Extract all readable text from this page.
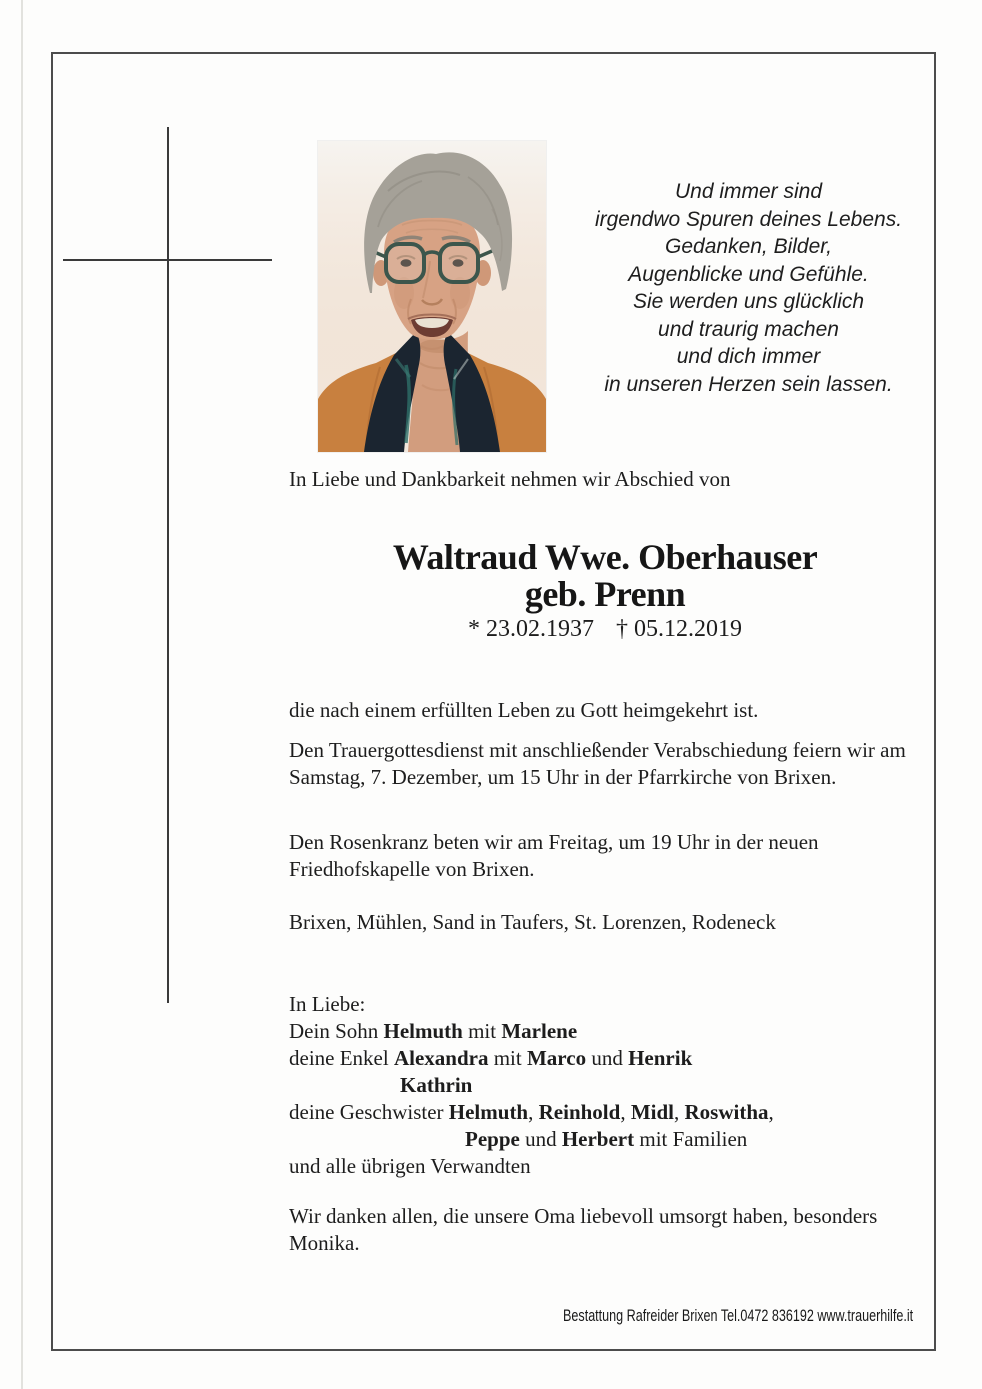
Und immer sind
irgendwo Spuren deines Lebens.
Gedanken, Bilder,
Augenblicke und Gefühle.
Sie werden uns glücklich
und traurig machen
und dich immer
in unseren Herzen sein lassen.
In Liebe und Dankbarkeit nehmen wir Abschied von
Waltraud Wwe. Oberhauser
geb. Prenn
* 23.02.1937 † 05.12.2019
die nach einem erfüllten Leben zu Gott heimgekehrt ist.
Den Trauergottesdienst mit anschließender Verabschiedung feiern wir am Samstag, 7. Dezember, um 15 Uhr in der Pfarrkirche von Brixen.
Den Rosenkranz beten wir am Freitag, um 19 Uhr in der neuen Friedhofskapelle von Brixen.
Brixen, Mühlen, Sand in Taufers, St. Lorenzen, Rodeneck
In Liebe:
Dein Sohn Helmuth mit Marlene
deine Enkel Alexandra mit Marco und Henrik
Kathrin
deine Geschwister Helmuth, Reinhold, Midl, Roswitha,
Peppe und Herbert mit Familien
und alle übrigen Verwandten
Wir danken allen, die unsere Oma liebevoll umsorgt haben, besonders Monika.
Bestattung Rafreider Brixen Tel.0472 836192 www.trauerhilfe.it
